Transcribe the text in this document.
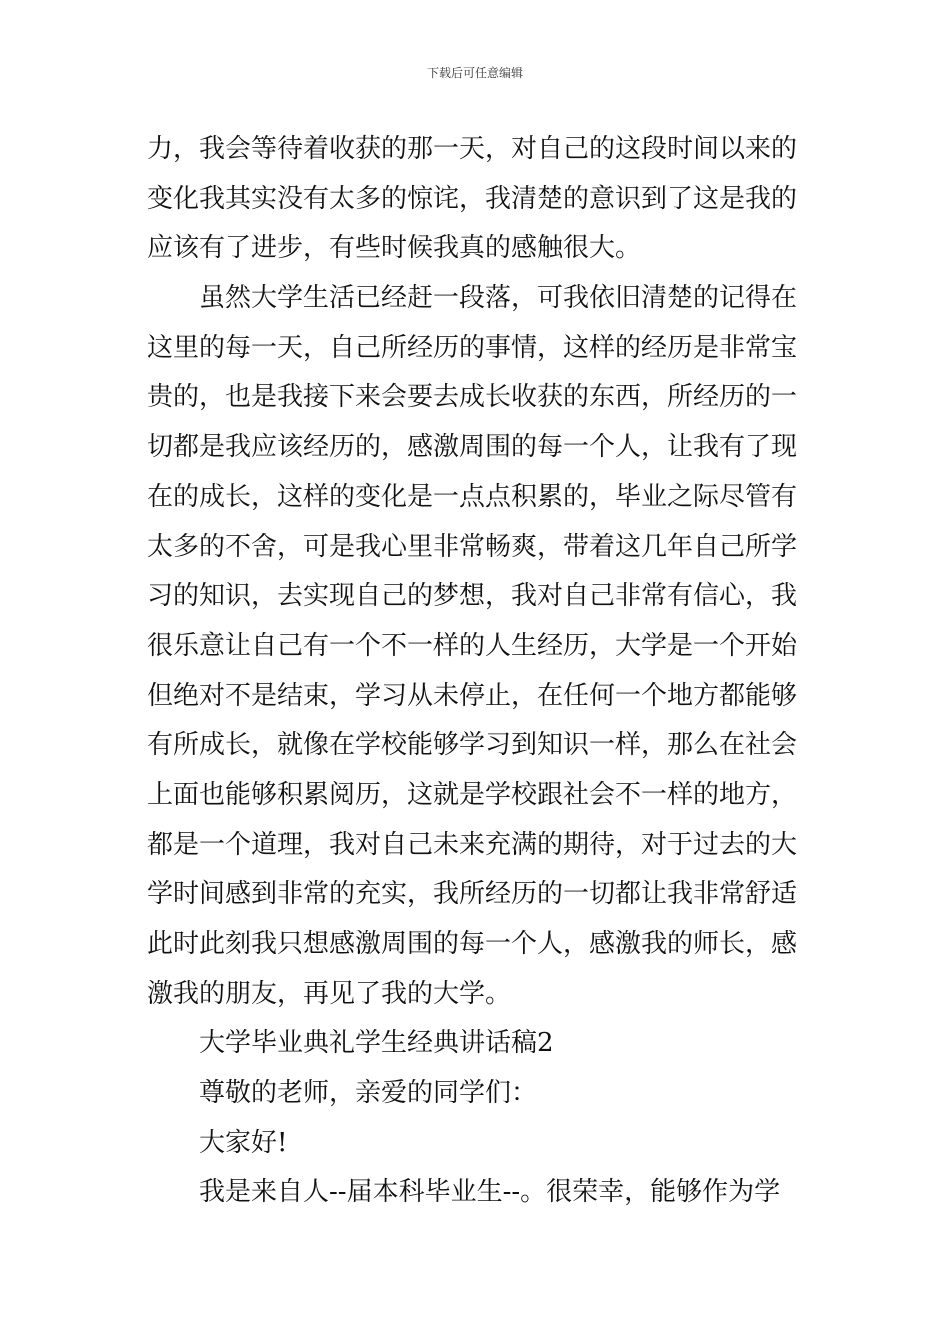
下载后可任意编辑
力，我会等待着收获的那一天，对自己的这段时间以来的
变化我其实没有太多的惊诧，我清楚的意识到了这是我的
应该有了进步，有些时候我真的感触很大。
虽然大学生活已经赶一段落，可我依旧清楚的记得在
这里的每一天，自己所经历的事情，这样的经历是非常宝
贵的，也是我接下来会要去成长收获的东西，所经历的一
切都是我应该经历的，感激周围的每一个人，让我有了现
在的成长，这样的变化是一点点积累的，毕业之际尽管有
太多的不舍，可是我心里非常畅爽，带着这几年自己所学
习的知识，去实现自己的梦想，我对自己非常有信心，我
很乐意让自己有一个不一样的人生经历，大学是一个开始
但绝对不是结束，学习从未停止，在任何一个地方都能够
有所成长，就像在学校能够学习到知识一样，那么在社会
上面也能够积累阅历，这就是学校跟社会不一样的地方，
都是一个道理，我对自己未来充满的期待，对于过去的大
学时间感到非常的充实，我所经历的一切都让我非常舒适
此时此刻我只想感激周围的每一个人，感激我的师长，感
激我的朋友，再见了我的大学。
大学毕业典礼学生经典讲话稿2
尊敬的老师，亲爱的同学们：
大家好!
我是来自人--届本科毕业生--。很荣幸，能够作为学
